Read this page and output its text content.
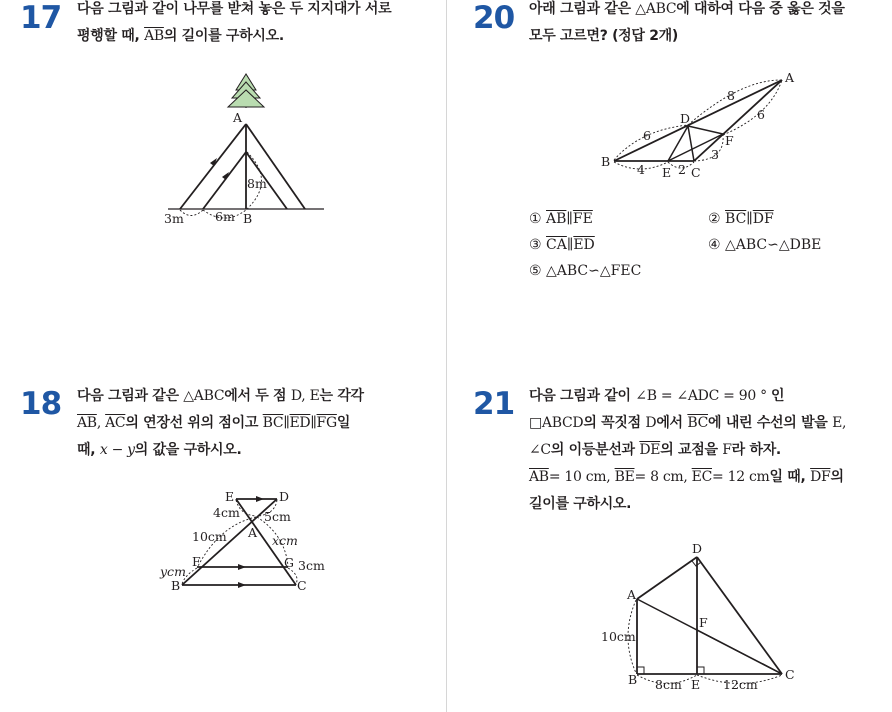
17 다음 그림과 같이 나무를 받쳐 놓은 두 지지대가 서로
평행할 때, $\overline{AB}$의 길이를 구하시오.
A
B
8m
3m 6m
20 아래 그림과 같은 △ABC에 대하여 다음 중 옳은 것을
모두 고르면? (정답 2개)
A
B
C
D
E
F
8
6
6
4	2
3
① $\overline{AB}\parallel\overline{FE}$	② $\overline{BC}\parallel\overline{DF}$
③ $\overline{CA}\parallel\overline{ED}$	④ △ABC∽△DBE
⑤ △ABC∽△FEC
18 다음 그림과 같은 △ABC에서 두 점 D, E는 각각
$\overline{AB}$, $\overline{AC}$의 연장선 위의 점이고 $\overline{BC}\parallel\overline{ED}\parallel\overline{FG}$일
때, x − y의 값을 구하시오.
E	D
A
F	G
B	C
4cm 5cm
10cm	xcm
ycm	3cm
21 다음 그림과 같이 ∠B = ∠ADC = 90 ° 인
□ABCD의 꼭짓점 D에서 $\overline{BC}$에 내린 수선의 발을 E,
∠C의 이등분선과 $\overline{DE}$의 교점을 F라 하자.
$\overline{AB}= 10$ cm, $\overline{BE}= 8$ cm, $\overline{EC}= 12$ cm일 때, $\overline{DF}$의
길이를 구하시오.
D
A
B	E
C
F
10cm
8cm	12cm
